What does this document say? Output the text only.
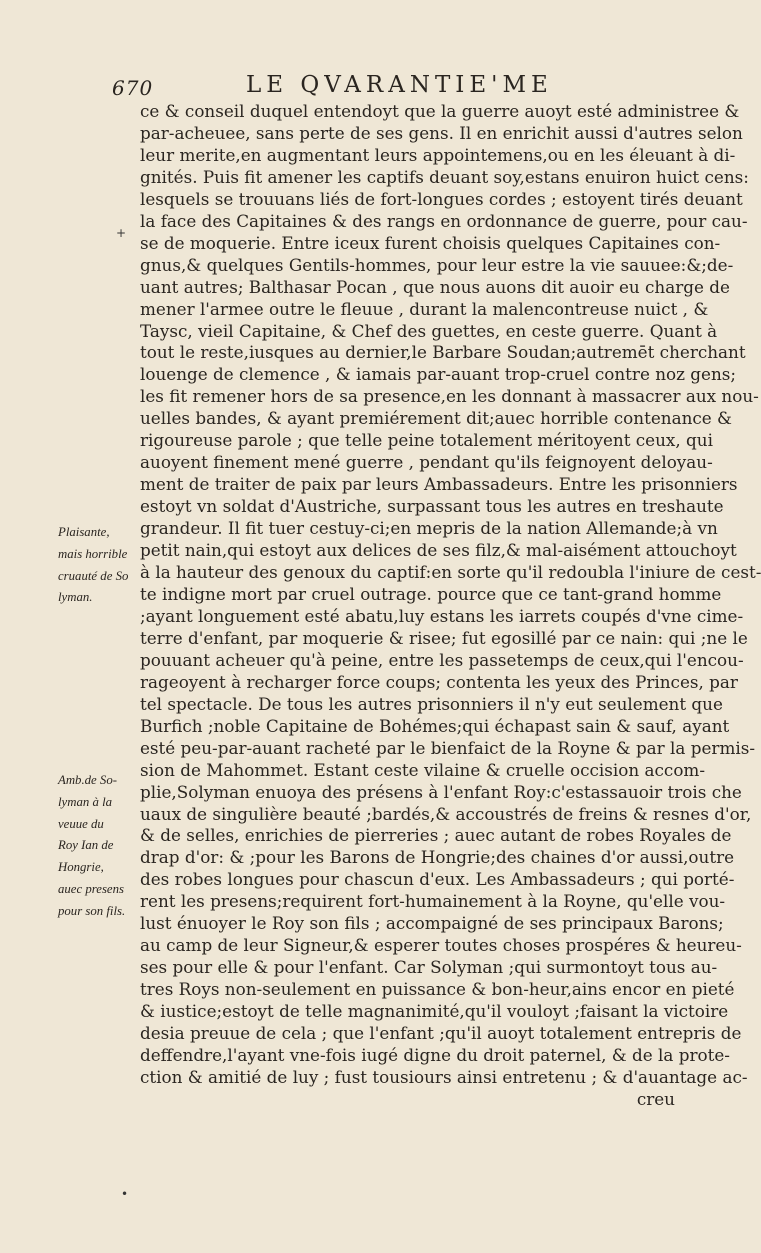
670	LE QVARANTIE'ME
+
•
Plaisante,
mais horrible
cruauté de So
lyman.
Amb.de So-
lyman à la
veuue du
Roy Ian de
Hongrie,
auec presens
pour son fils.
ce & conseil duquel entendoyt que la guerre auoyt esté administree &
par-acheuee, sans perte de ses gens. Il en enrichit aussi d'autres selon
leur merite,en augmentant leurs appointemens,ou en les éleuant à di-
gnités. Puis fit amener les captifs deuant soy,estans enuiron huict cens:
lesquels se trouuans liés de fort-longues cordes ; estoyent tirés deuant
la face des Capitaines & des rangs en ordonnance de guerre, pour cau-
se de moquerie. Entre iceux furent choisis quelques Capitaines con-
gnus,& quelques Gentils-hommes, pour leur estre la vie sauuee:&;de-
uant autres; Balthasar Pocan , que nous auons dit auoir eu charge de
mener l'armee outre le fleuue , durant la malencontreuse nuict , &
Taysc, vieil Capitaine, & Chef des guettes, en ceste guerre. Quant à
tout le reste,iusques au dernier,le Barbare Soudan;autremēt cherchant
louenge de clemence , & iamais par-auant trop-cruel contre noz gens;
les fit remener hors de sa presence,en les donnant à massacrer aux nou-
uelles bandes, & ayant premiérement dit;auec horrible contenance &
rigoureuse parole ; que telle peine totalement méritoyent ceux, qui
auoyent finement mené guerre , pendant qu'ils feignoyent deloyau-
ment de traiter de paix par leurs Ambassadeurs. Entre les prisonniers
estoyt vn soldat d'Austriche, surpassant tous les autres en treshaute
grandeur. Il fit tuer cestuy-ci;en mepris de la nation Allemande;à vn
petit nain,qui estoyt aux delices de ses filz,& mal-aisément attouchoyt
à la hauteur des genoux du captif:en sorte qu'il redoubla l'iniure de cest-
te indigne mort par cruel outrage. pource que ce tant-grand homme
;ayant longuement esté abatu,luy estans les iarrets coupés d'vne cime-
terre d'enfant, par moquerie & risee; fut egosillé par ce nain: qui ;ne le
pouuant acheuer qu'à peine, entre les passetemps de ceux,qui l'encou-
rageoyent à recharger force coups; contenta les yeux des Princes, par
tel spectacle. De tous les autres prisonniers il n'y eut seulement que
Burfich ;noble Capitaine de Bohémes;qui échapast sain & sauf, ayant
esté peu-par-auant racheté par le bienfaict de la Royne & par la permis-
sion de Mahommet. Estant ceste vilaine & cruelle occision accom-
plie,Solyman enuoya des présens à l'enfant Roy:c'estassauoir trois che
uaux de singulière beauté ;bardés,& accoustrés de freins & resnes d'or,
& de selles, enrichies de pierreries ; auec autant de robes Royales de
drap d'or: & ;pour les Barons de Hongrie;des chaines d'or aussi,outre
des robes longues pour chascun d'eux. Les Ambassadeurs ; qui porté-
rent les presens;requirent fort-humainement à la Royne, qu'elle vou-
lust énuoyer le Roy son fils ; accompaigné de ses principaux Barons;
au camp de leur Signeur,& esperer toutes choses prospéres & heureu-
ses pour elle & pour l'enfant. Car Solyman ;qui surmontoyt tous au-
tres Roys non-seulement en puissance & bon-heur,ains encor en pieté
& iustice;estoyt de telle magnanimité,qu'il vouloyt ;faisant la victoire
desia preuue de cela ; que l'enfant ;qu'il auoyt totalement entrepris de
deffendre,l'ayant vne-fois iugé digne du droit paternel, & de la prote-
ction & amitié de luy ; fust tousiours ainsi entretenu ; & d'auantage ac-
creu
